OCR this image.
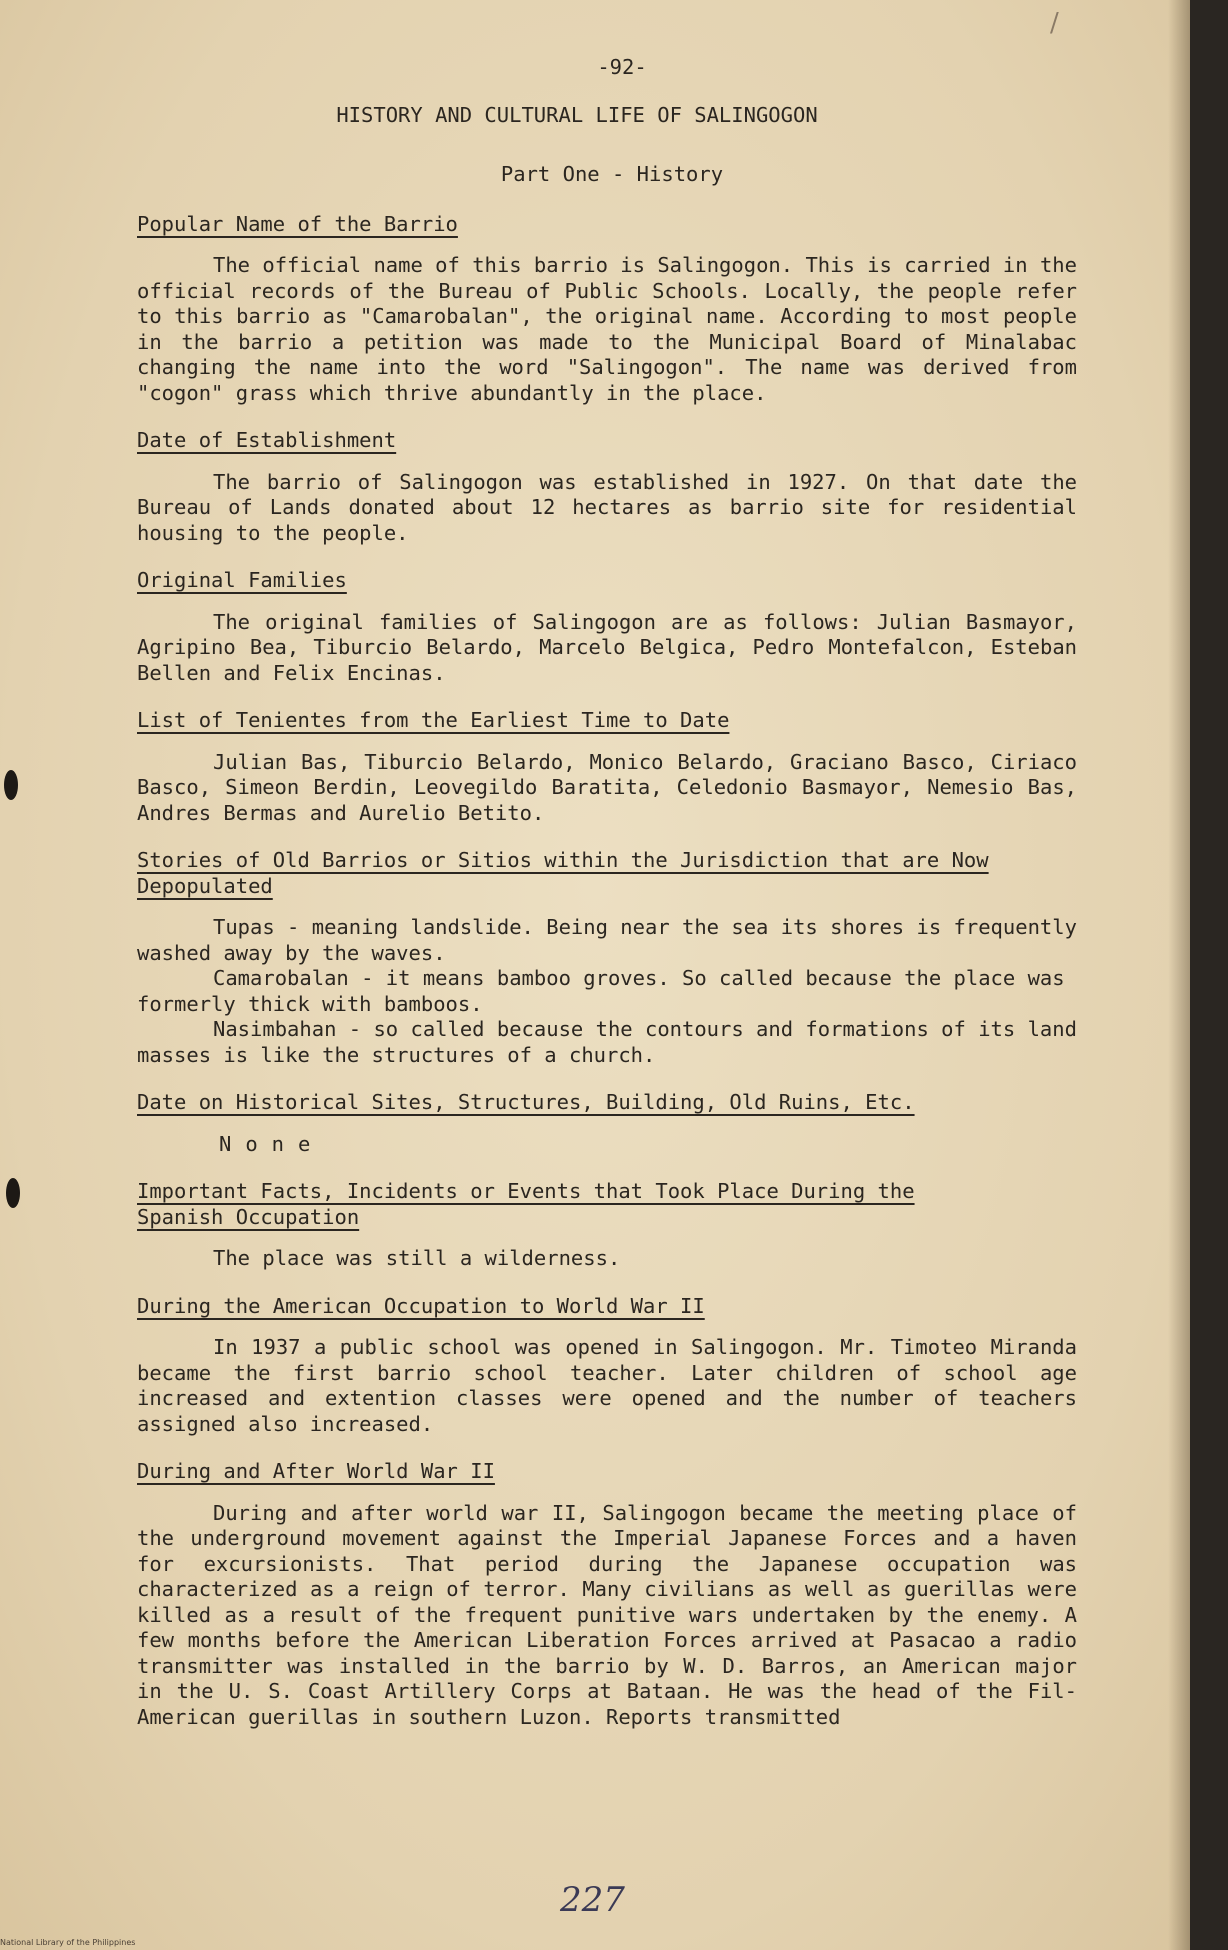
/
-92-
HISTORY AND CULTURAL LIFE OF SALINGOGON
Part One - History
Popular Name of the Barrio

The official name of this barrio is Salingogon. This is carried in the official records of the Bureau of Public Schools. Locally, the people refer to this barrio as "Camarobalan", the original name. According to most people in the barrio a petition was made to the Municipal Board of Minalabac changing the name into the word "Salingogon". The name was derived from "cogon" grass which thrive abundantly in the place.

Date of Establishment

The barrio of Salingogon was established in 1927. On that date the Bureau of Lands donated about 12 hectares as barrio site for residential housing to the people.

Original Families

The original families of Salingogon are as follows: Julian Basmayor, Agripino Bea, Tiburcio Belardo, Marcelo Belgica, Pedro Montefalcon, Esteban Bellen and Felix Encinas.

List of Tenientes from the Earliest Time to Date

Julian Bas, Tiburcio Belardo, Monico Belardo, Graciano Basco, Ciriaco Basco, Simeon Berdin, Leovegildo Baratita, Celedonio Basmayor, Nemesio Bas, Andres Bermas and Aurelio Betito.

Stories of Old Barrios or Sitios within the Jurisdiction that are Now Depopulated

Tupas - meaning landslide. Being near the sea its shores is frequently washed away by the waves.

Camarobalan - it means bamboo groves. So called because the place was formerly thick with bamboos.

Nasimbahan - so called because the contours and formations of its land masses is like the structures of a church.

Date on Historical Sites, Structures, Building, Old Ruins, Etc.
None
Important Facts, Incidents or Events that Took Place During the Spanish Occupation

The place was still a wilderness.

During the American Occupation to World War II

In 1937 a public school was opened in Salingogon. Mr. Timoteo Miranda became the first barrio school teacher. Later children of school age increased and extention classes were opened and the number of teachers assigned also increased.

During and After World War II

During and after world war II, Salingogon became the meeting place of the underground movement against the Imperial Japanese Forces and a haven for excursionists. That period during the Japanese occupation was characterized as a reign of terror. Many civilians as well as guerillas were killed as a result of the frequent punitive wars undertaken by the enemy. A few months before the American Liberation Forces arrived at Pasacao a radio transmitter was installed in the barrio by W. D. Barros, an American major in the U. S. Coast Artillery Corps at Bataan. He was the head of the Fil-American guerillas in southern Luzon. Reports transmitted

227
National Library of the Philippines
